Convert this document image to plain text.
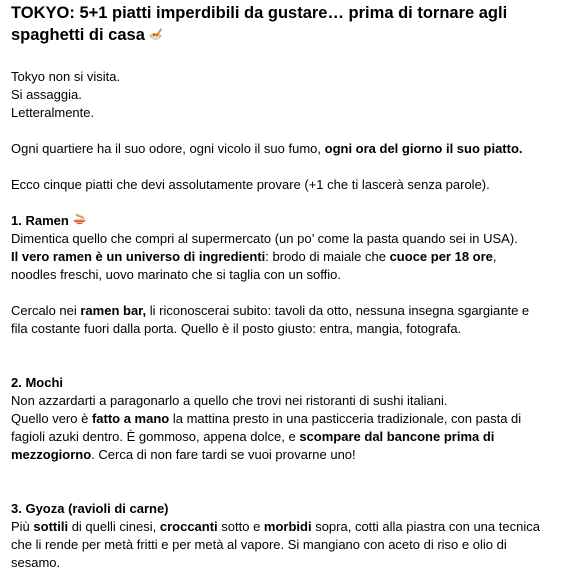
TOKYO: 5+1 piatti imperdibili da gustare… prima di tornare agli spaghetti di casa

Tokyo non si visita.

Si assaggia.

Letteralmente.

Ogni quartiere ha il suo odore, ogni vicolo il suo fumo, ogni ora del giorno il suo piatto.

Ecco cinque piatti che devi assolutamente provare (+1 che ti lascerà senza parole).

1. Ramen

Dimentica quello che compri al supermercato (un po’ come la pasta quando sei in USA).

Il vero ramen è un universo di ingredienti: brodo di maiale che cuoce per 18 ore,

noodles freschi, uovo marinato che si taglia con un soffio.

Cercalo nei ramen bar, li riconoscerai subito: tavoli da otto, nessuna insegna sgargiante e

fila costante fuori dalla porta. Quello è il posto giusto: entra, mangia, fotografa.

2. Mochi

Non azzardarti a paragonarlo a quello che trovi nei ristoranti di sushi italiani.

Quello vero è fatto a mano la mattina presto in una pasticceria tradizionale, con pasta di

fagioli azuki dentro. È gommoso, appena dolce, e scompare dal bancone prima di

mezzogiorno. Cerca di non fare tardi se vuoi provarne uno!

3. Gyoza (ravioli di carne)

Più sottili di quelli cinesi, croccanti sotto e morbidi sopra, cotti alla piastra con una tecnica

che li rende per metà fritti e per metà al vapore. Si mangiano con aceto di riso e olio di

sesamo.
